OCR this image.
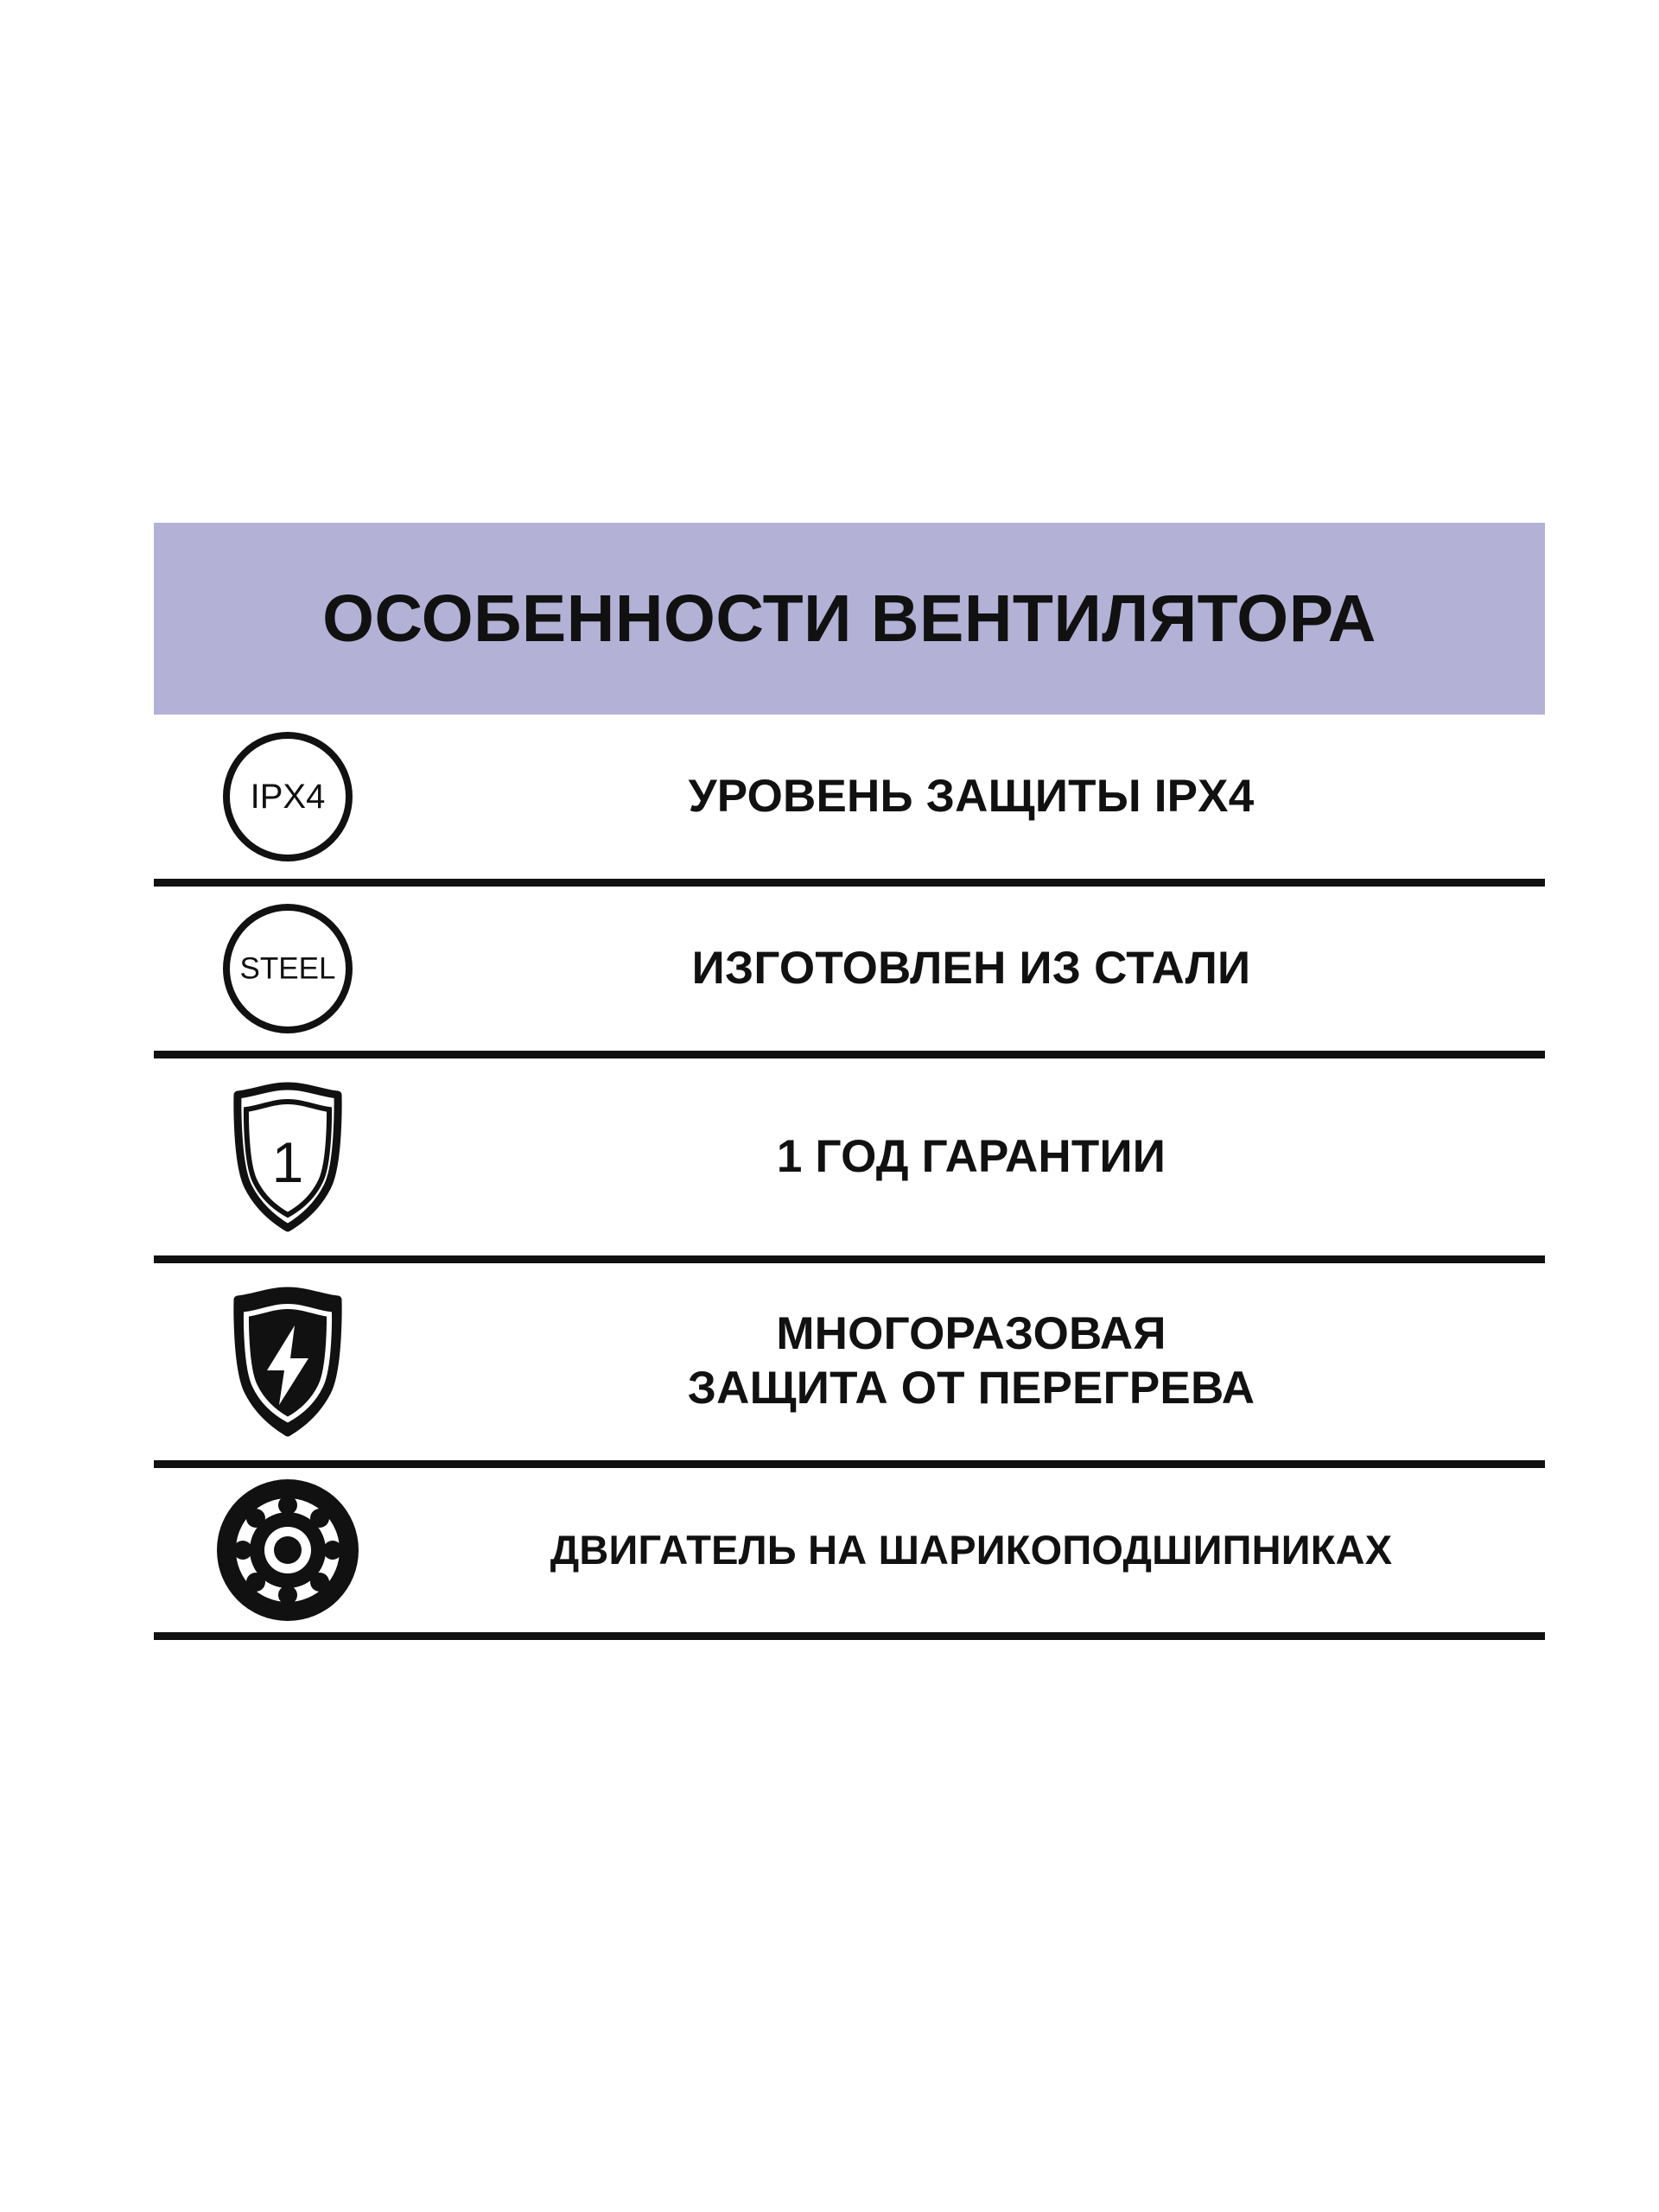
ОСОБЕННОСТИ ВЕНТИЛЯТОРА
IPX4	УРОВЕНЬ ЗАЩИТЫ IPX4
STEEL	ИЗГОТОВЛЕН ИЗ СТАЛИ
1	1 ГОД ГАРАНТИИ
МНОГОРАЗОВАЯ
ЗАЩИТА ОТ ПЕРЕГРЕВА
ДВИГАТЕЛЬ НА ШАРИКОПОДШИПНИКАХ
